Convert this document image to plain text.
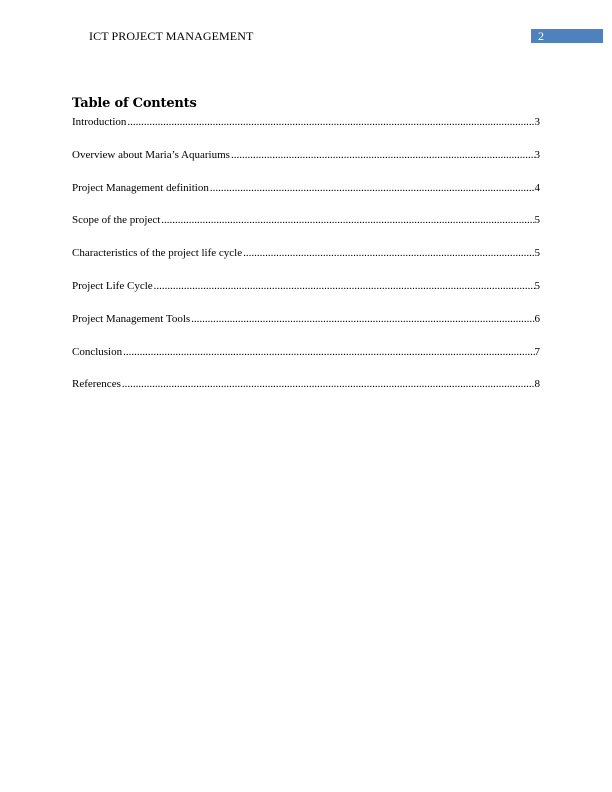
ICT PROJECT MANAGEMENT	2
Table of Contents
Introduction .....	3
Overview about Maria’s Aquariums .....	3
Project Management definition .....	4
Scope of the project .....	5
Characteristics of the project life cycle .....	5
Project Life Cycle .....	5
Project Management Tools .....	6
Conclusion .....	7
References .....	8
